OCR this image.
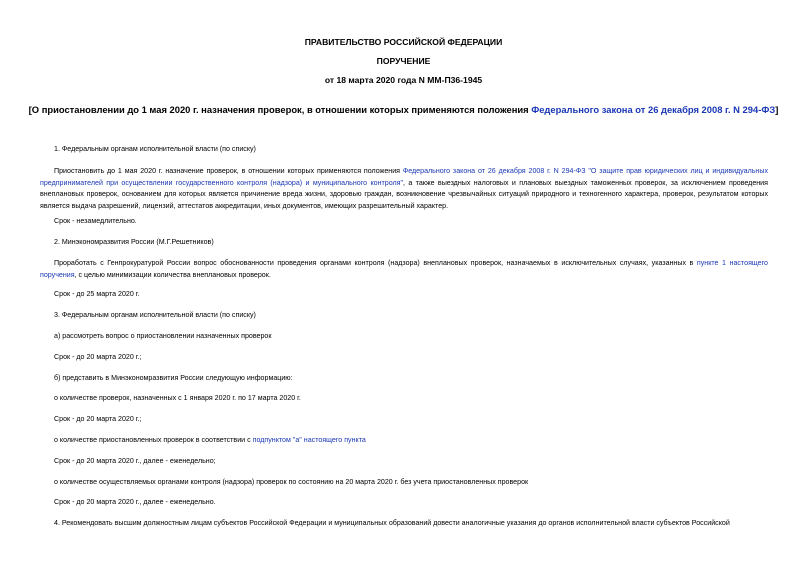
ПРАВИТЕЛЬСТВО РОССИЙСКОЙ ФЕДЕРАЦИИ
ПОРУЧЕНИЕ
от 18 марта 2020 года N ММ-П36-1945
[О приостановлении до 1 мая 2020 г. назначения проверок, в отношении которых применяются положения Федерального закона от 26 декабря 2008 г. N 294-ФЗ]

1. Федеральным органам исполнительной власти (по списку)

Приостановить до 1 мая 2020 г. назначение проверок, в отношении которых применяются положения Федерального закона от 26 декабря 2008 г. N 294-ФЗ "О защите прав юридических лиц и индивидуальных предпринимателей при осуществлении государственного контроля (надзора) и муниципального контроля", а также выездных налоговых и плановых выездных таможенных проверок, за исключением проведения внеплановых проверок, основанием для которых является причинение вреда жизни, здоровью граждан, возникновение чрезвычайных ситуаций природного и техногенного характера, проверок, результатом которых является выдача разрешений, лицензий, аттестатов аккредитации, иных документов, имеющих разрешительный характер.

Срок - незамедлительно.

2. Минэкономразвития России (М.Г.Решетников)

Проработать с Генпрокуратурой России вопрос обоснованности проведения органами контроля (надзора) внеплановых проверок, назначаемых в исключительных случаях, указанных в пункте 1 настоящего поручения, с целью минимизации количества внеплановых проверок.

Срок - до 25 марта 2020 г.

3. Федеральным органам исполнительной власти (по списку)

а) рассмотреть вопрос о приостановлении назначенных проверок

Срок - до 20 марта 2020 г.;

б) представить в Минэкономразвития России следующую информацию:

о количестве проверок, назначенных с 1 января 2020 г. по 17 марта 2020 г.

Срок - до 20 марта 2020 г.;

о количестве приостановленных проверок в соответствии с подпунктом "а" настоящего пункта

Срок - до 20 марта 2020 г., далее - еженедельно;

о количестве осуществляемых органами контроля (надзора) проверок по состоянию на 20 марта 2020 г. без учета приостановленных проверок

Срок - до 20 марта 2020 г., далее - еженедельно.

4. Рекомендовать высшим должностным лицам субъектов Российской Федерации и муниципальных образований довести аналогичные указания до органов исполнительной власти субъектов Российской
